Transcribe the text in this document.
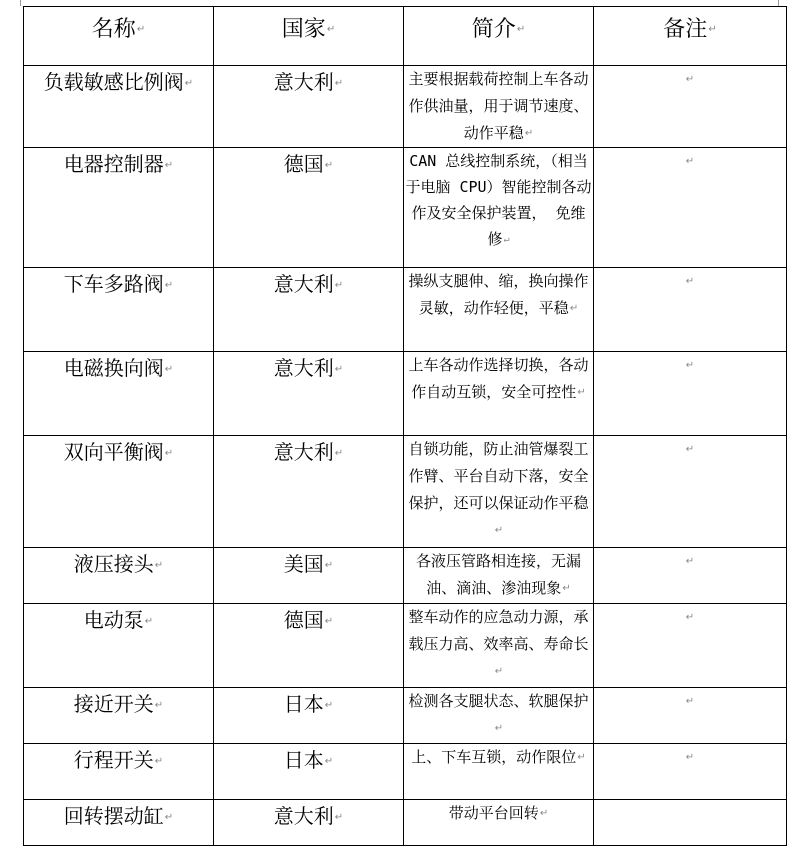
名称↵	国家↵	简介↵	备注↵
负载敏感比例阀↵	意大利↵	主要根据载荷控制上车各动作供油量，用于调节速度、动作平稳↵	↵
电器控制器↵	德国↵	CAN 总线控制系统，（相当于电脑 CPU）智能控制各动作及安全保护装置， 免维修↵	↵
下车多路阀↵	意大利↵	操纵支腿伸、缩，换向操作灵敏，动作轻便，平稳↵	↵
电磁换向阀↵	意大利↵	上车各动作选择切换，各动作自动互锁，安全可控性↵	↵
双向平衡阀↵	意大利↵	自锁功能，防止油管爆裂工作臂、平台自动下落，安全保护，还可以保证动作平稳↵	↵
液压接头↵	美国↵	各液压管路相连接，无漏油、滴油、渗油现象↵	↵
电动泵↵	德国↵	整车动作的应急动力源，承载压力高、效率高、寿命长↵	↵
接近开关↵	日本↵	检测各支腿状态、软腿保护↵	↵
行程开关↵	日本↵	上、下车互锁，动作限位↵	↵
回转摆动缸↵	意大利↵	带动平台回转↵	
